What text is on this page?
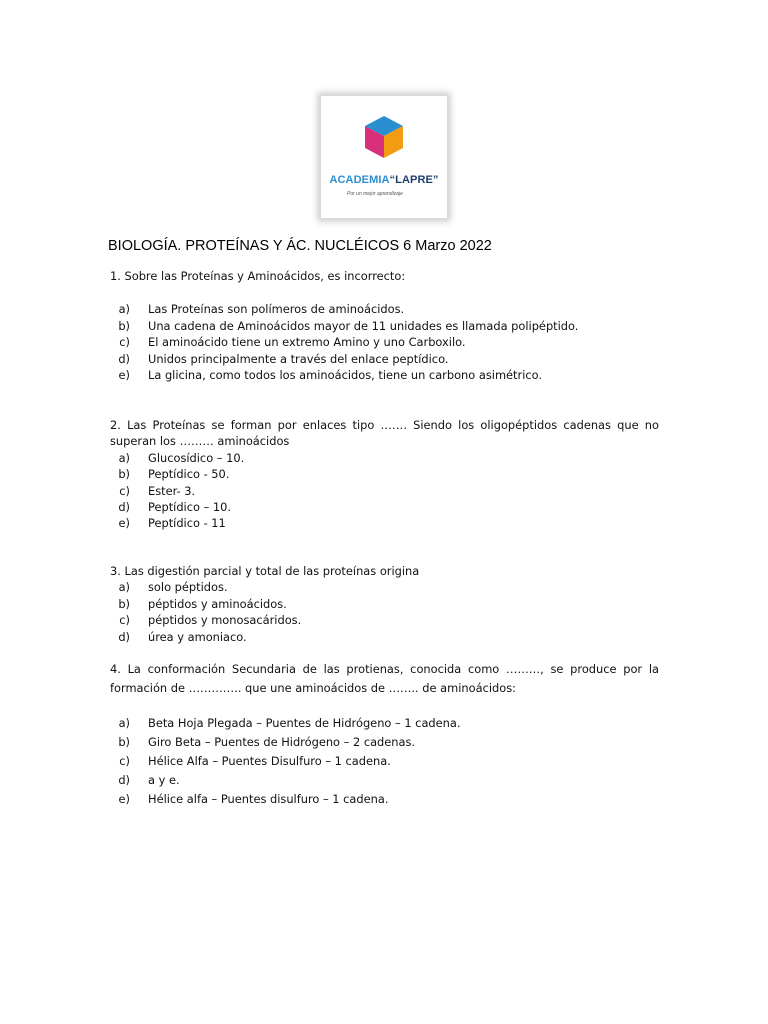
ACADEMIA“LAPRE”
Por un mejor aprendizaje
BIOLOGÍA. PROTEÍNAS Y ÁC. NUCLÉICOS 6 Marzo 2022

1. Sobre las Proteínas y Aminoácidos, es incorrecto:

a) Las Proteínas son polímeros de aminoácidos.
b) Una cadena de Aminoácidos mayor de 11 unidades es llamada polipéptido.
c) El aminoácido tiene un extremo Amino y uno Carboxilo.
d) Unidos principalmente a través del enlace peptídico.
e) La glicina, como todos los aminoácidos, tiene un carbono asimétrico.

2. Las Proteínas se forman por enlaces tipo ……. Siendo los oligopéptidos cadenas que no superan los ……… aminoácidos

a) Glucosídico – 10.
b) Peptídico - 50.
c) Ester- 3.
d) Peptídico – 10.
e) Peptídico - 11

3. Las digestión parcial y total de las proteínas origina

a) solo péptidos.
b) péptidos y aminoácidos.
c) péptidos y monosacáridos.
d) úrea y amoniaco.

4. La conformación Secundaria de las protienas, conocida como ………, se produce por la formación de ………….. que une aminoácidos de …….. de aminoácidos:

a) Beta Hoja Plegada – Puentes de Hidrógeno – 1 cadena.
b) Giro Beta – Puentes de Hidrógeno – 2 cadenas.
c) Hélice Alfa – Puentes Disulfuro – 1 cadena.
d) a y e.
e) Hélice alfa – Puentes disulfuro – 1 cadena.
